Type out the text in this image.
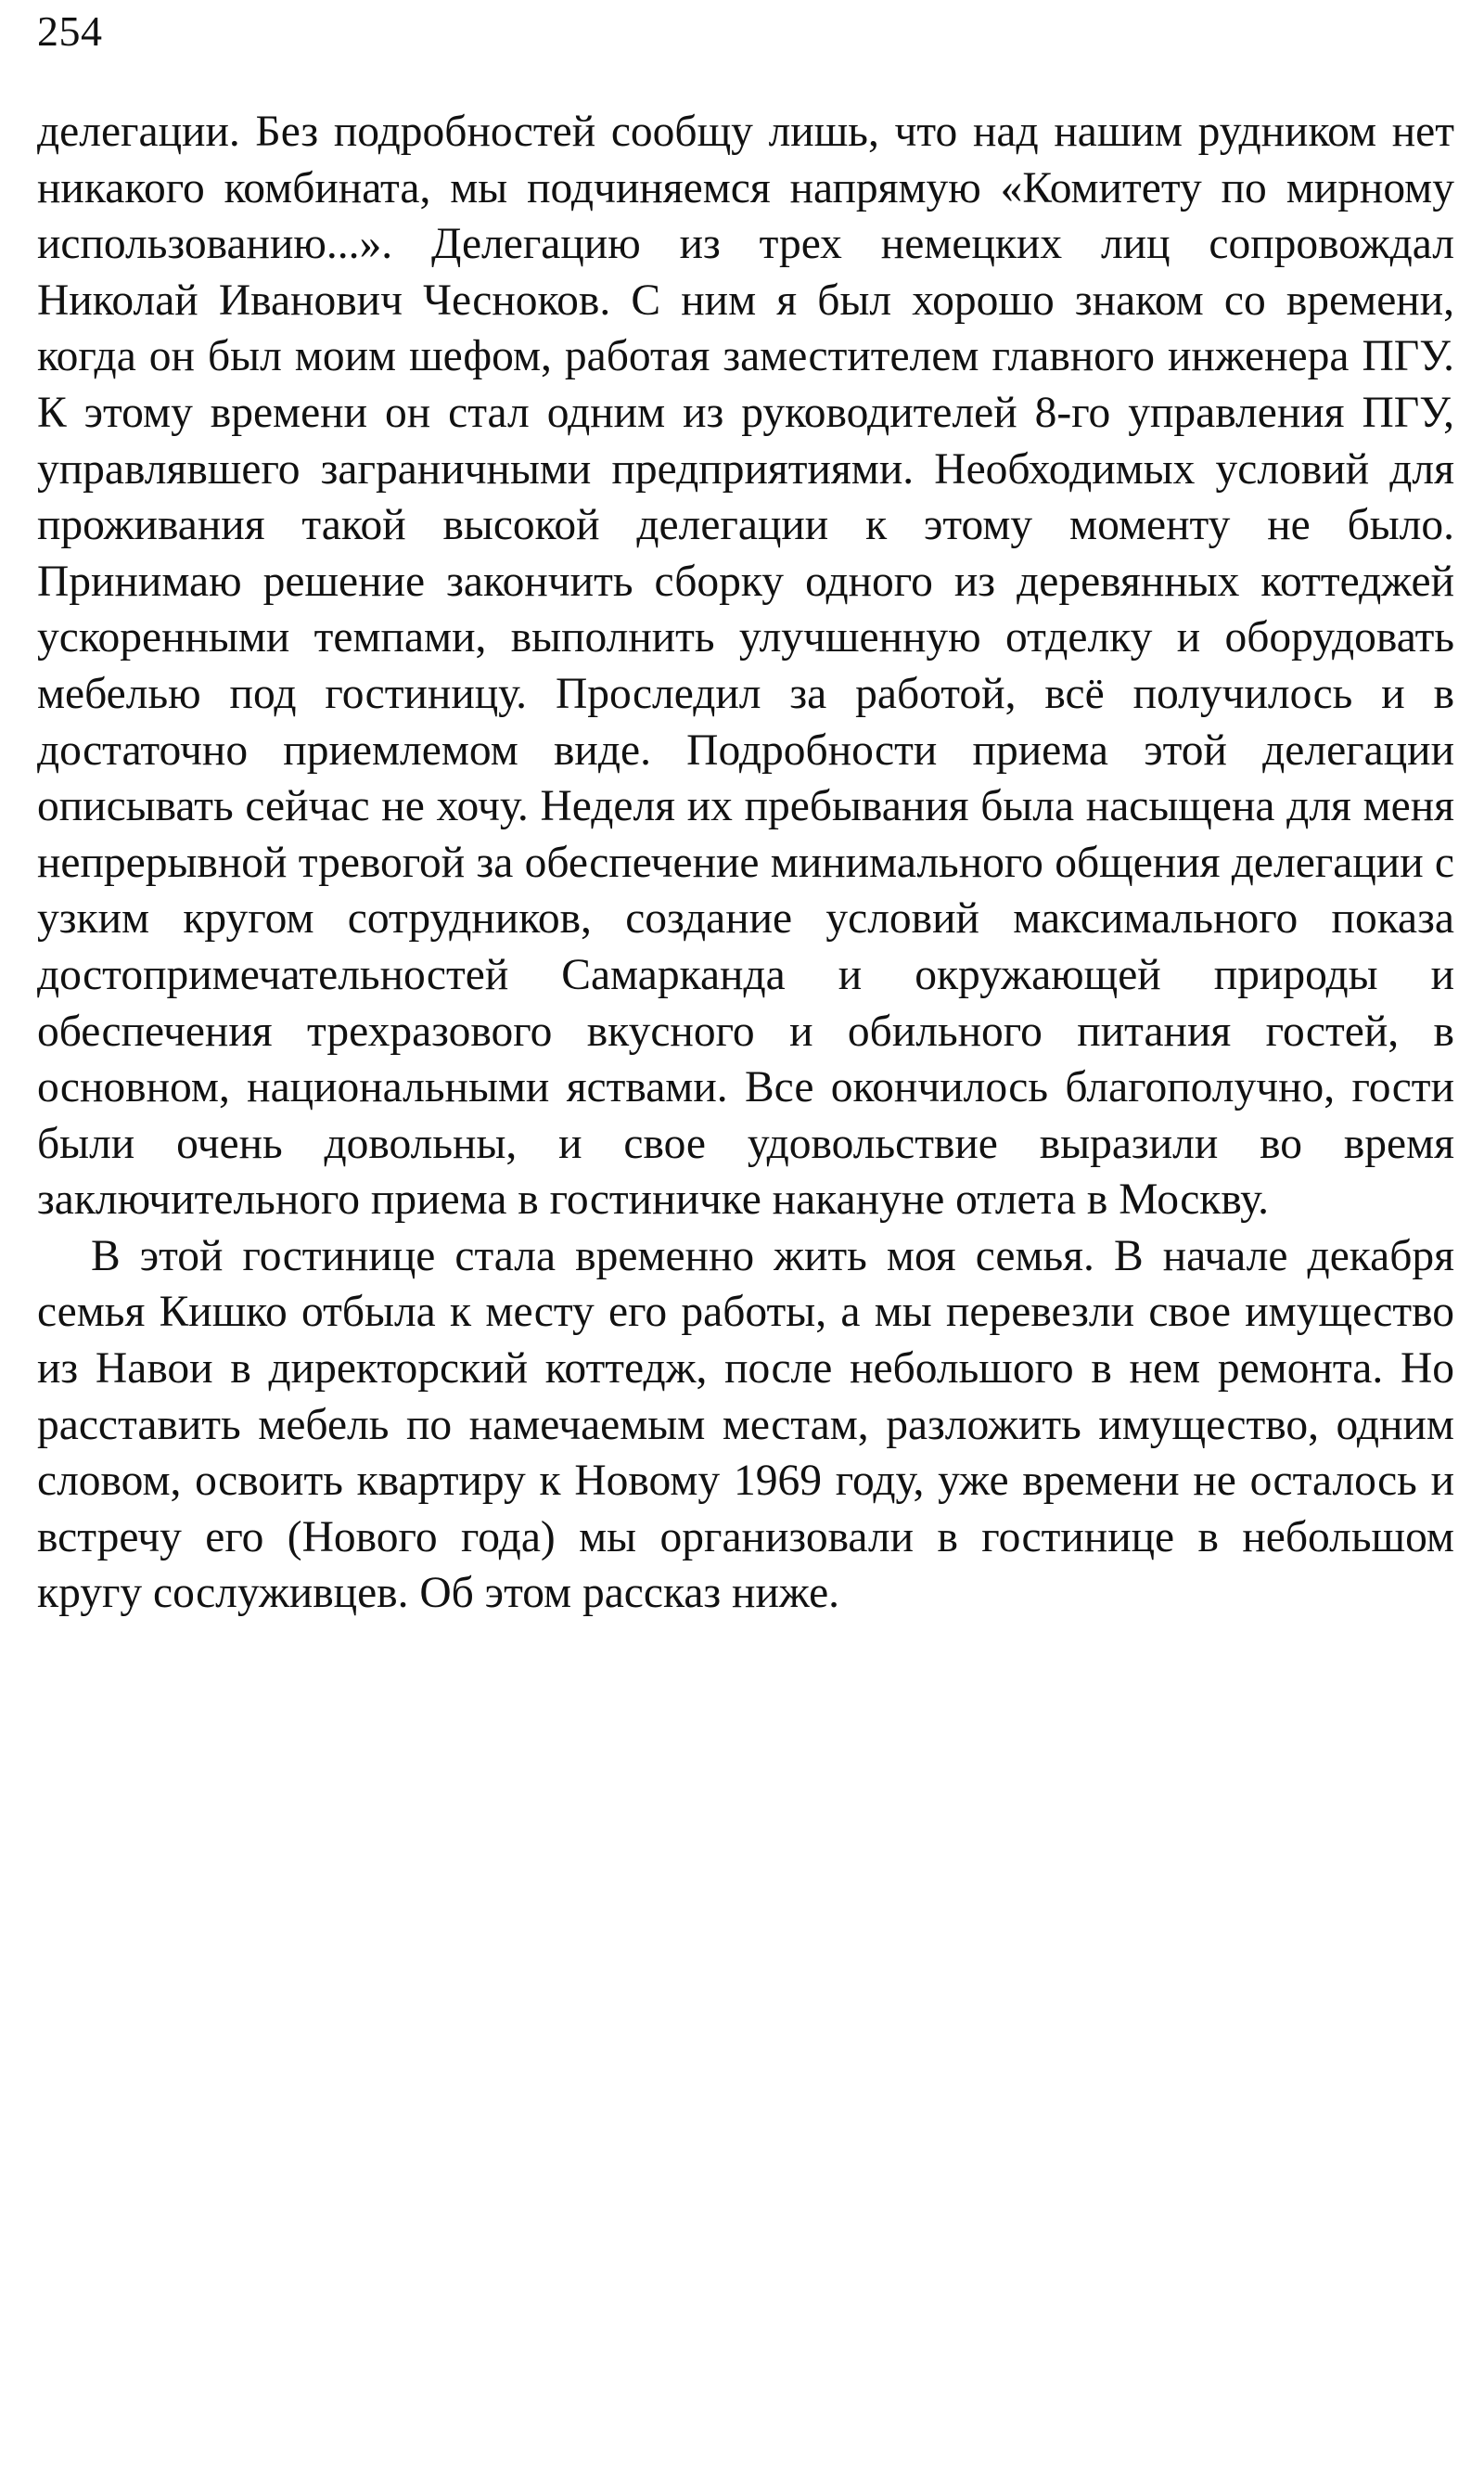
254

делегации. Без подробностей сообщу лишь, что над нашим рудником нет никакого комбината, мы подчиняемся напрямую «Комитету по мирному использованию...». Делегацию из трех немецких лиц сопровождал Николай Иванович Чесноков. С ним я был хорошо знаком со времени, когда он был моим шефом, работая заместителем главного инженера ПГУ. К этому времени он стал одним из руководителей 8-го управления ПГУ, управлявшего заграничными предприятиями. Необходимых условий для проживания такой высокой делегации к этому моменту не было. Принимаю решение закончить сборку одного из деревянных коттеджей ускоренными темпами, выполнить улучшенную отделку и оборудовать мебелью под гостиницу. Проследил за работой, всё получилось и в достаточно приемлемом виде. Подробности приема этой делегации описывать сейчас не хочу. Неделя их пребывания была насыщена для меня непрерывной тревогой за обеспечение минимального общения делегации с узким кругом сотрудников, создание условий максимального показа достопримечательностей Самарканда и окружающей природы и обеспечения трехразового вкусного и обильного питания гостей, в основном, национальными яствами. Все окончилось благополучно, гости были очень довольны, и свое удовольствие выразили во время заключительного приема в гостиничке накануне отлета в Москву.

В этой гостинице стала временно жить моя семья. В начале декабря семья Кишко отбыла к месту его работы, а мы перевезли свое имущество из Навои в директорский коттедж, после небольшого в нем ремонта. Но расставить мебель по намечаемым местам, разложить имущество, одним словом, освоить квартиру к Новому 1969 году, уже времени не осталось и встречу его (Нового года) мы организовали в гостинице в небольшом кругу сослуживцев. Об этом рассказ ниже.
